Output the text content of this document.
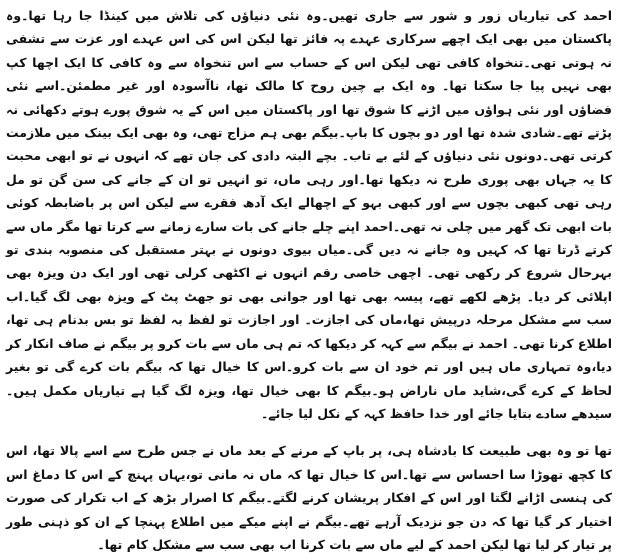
احمد کی تیاریاں زور و شور سے جاری تھیں۔وہ نئی دنیاؤں کی تلاش میں کینڈا جا رہا تھا۔وہ پاکستان میں بھی ایک اچھے سرکاری عہدے پہ فائز تھا لیکن اس کی اس عہدے اور عزت سے تشفی نہ ہوتی تھی۔تنخواہ کافی تھی لیکن اس کے حساب سے اس تنخواہ سے وہ کافی کا ایک اچھا کپ بھی نہیں پیا جا سکتا تھا۔ وہ ایک بے چین روح کا مالک تھا، ناآسودہ اور غیر مطمئن۔اسے نئی فضاؤں اور نئی ہواؤں میں اڑنے کا شوق تھا اور پاکستان میں اس کے یہ شوق پورے ہوتے دکھائی نہ پڑتے تھے۔شادی شدہ تھا اور دو بچوں کا باپ۔بیگم بھی ہم مزاج تھی، وہ بھی ایک بینک میں ملازمت کرتی تھی۔دونوں نئی دنیاؤں کے لئے بے تاب۔ بچے البتہ دادی کی جان تھے کہ انہوں نے تو ابھی محبت کا یہ جہاں بھی پوری طرح نہ دیکھا تھا۔اور رہی ماں، تو انہیں تو ان کے جانے کی سن گن تو مل رہی تھی کبھی بچوں سے اور کبھی بہو کے اچھالے ایک آدھ فقرے سے لیکن اس پر باضابطہ کوئی بات ابھی تک گھر میں چلی نہ تھی۔احمد اپنے چلے جانے کی بات سارے زمانے سے کرتا تھا مگر ماں سے کرتے ڈرتا تھا کہ کہیں وہ جانے نہ دیں گی۔میاں بیوی دونوں نے بہتر مستقبل کی منصوبہ بندی تو بہرحال شروع کر رکھی تھی۔ اچھی خاصی رقم انہوں نے اکٹھی کرلی تھی اور ایک دن ویزہ بھی اپلائی کر دیا۔ پڑھے لکھے تھے، پیسہ بھی تھا اور جوانی بھی تو جھٹ پٹ کے ویزہ بھی لگ گیا۔اب سب سے مشکل مرحلہ درپیش تھا،ماں کی اجازت۔ اور اجازت تو لفظ بہ لفظ تو بس بدنام ہی تھا، اطلاع کرنا تھی۔ احمد نے بیگم سے کہہ کر دیکھا کہ تم ہی ماں سے بات کرو پر بیگم نے صاف انکار کر دیا،وہ تمہاری ماں ہیں اور تم خود ان سے بات کرو۔اس کا خیال تھا کہ بیگم بات کرے گی تو بغیر لحاظ کے کرے گی،شاید ماں ناراض ہو۔بیگم کا بھی خیال تھا، ویزہ لگ گیا ہے تیاریاں مکمل ہیں۔ سیدھے سادے بتایا جائے اور خدا حافظ کہہ کے نکل لیا جائے۔

تھا تو وہ بھی طبیعت کا بادشاہ ہی، پر باپ کے مرنے کے بعد ماں نے جس طرح سے اسے پالا تھا، اس کا کچھ تھوڑا سا احساس سے تھا۔اس کا خیال تھا کہ ماں نہ مانی تو،یہاں پہنچ کے اس کا دماغ اس کی ہنسی اڑانے لگتا اور اس کے افکار پریشان کرنے لگتے۔بیگم کا اصرار بڑھ کے اب تکرار کی صورت اختیار کر گیا تھا کہ دن جو نزدیک آرہے تھے۔بیگم نے اپنے میکے میں اطلاع پہنچا کے ان کو ذہنی طور پر تیار کر لیا تھا لیکن احمد کے لیے ماں سے بات کرنا اب بھی سب سے مشکل کام تھا۔
